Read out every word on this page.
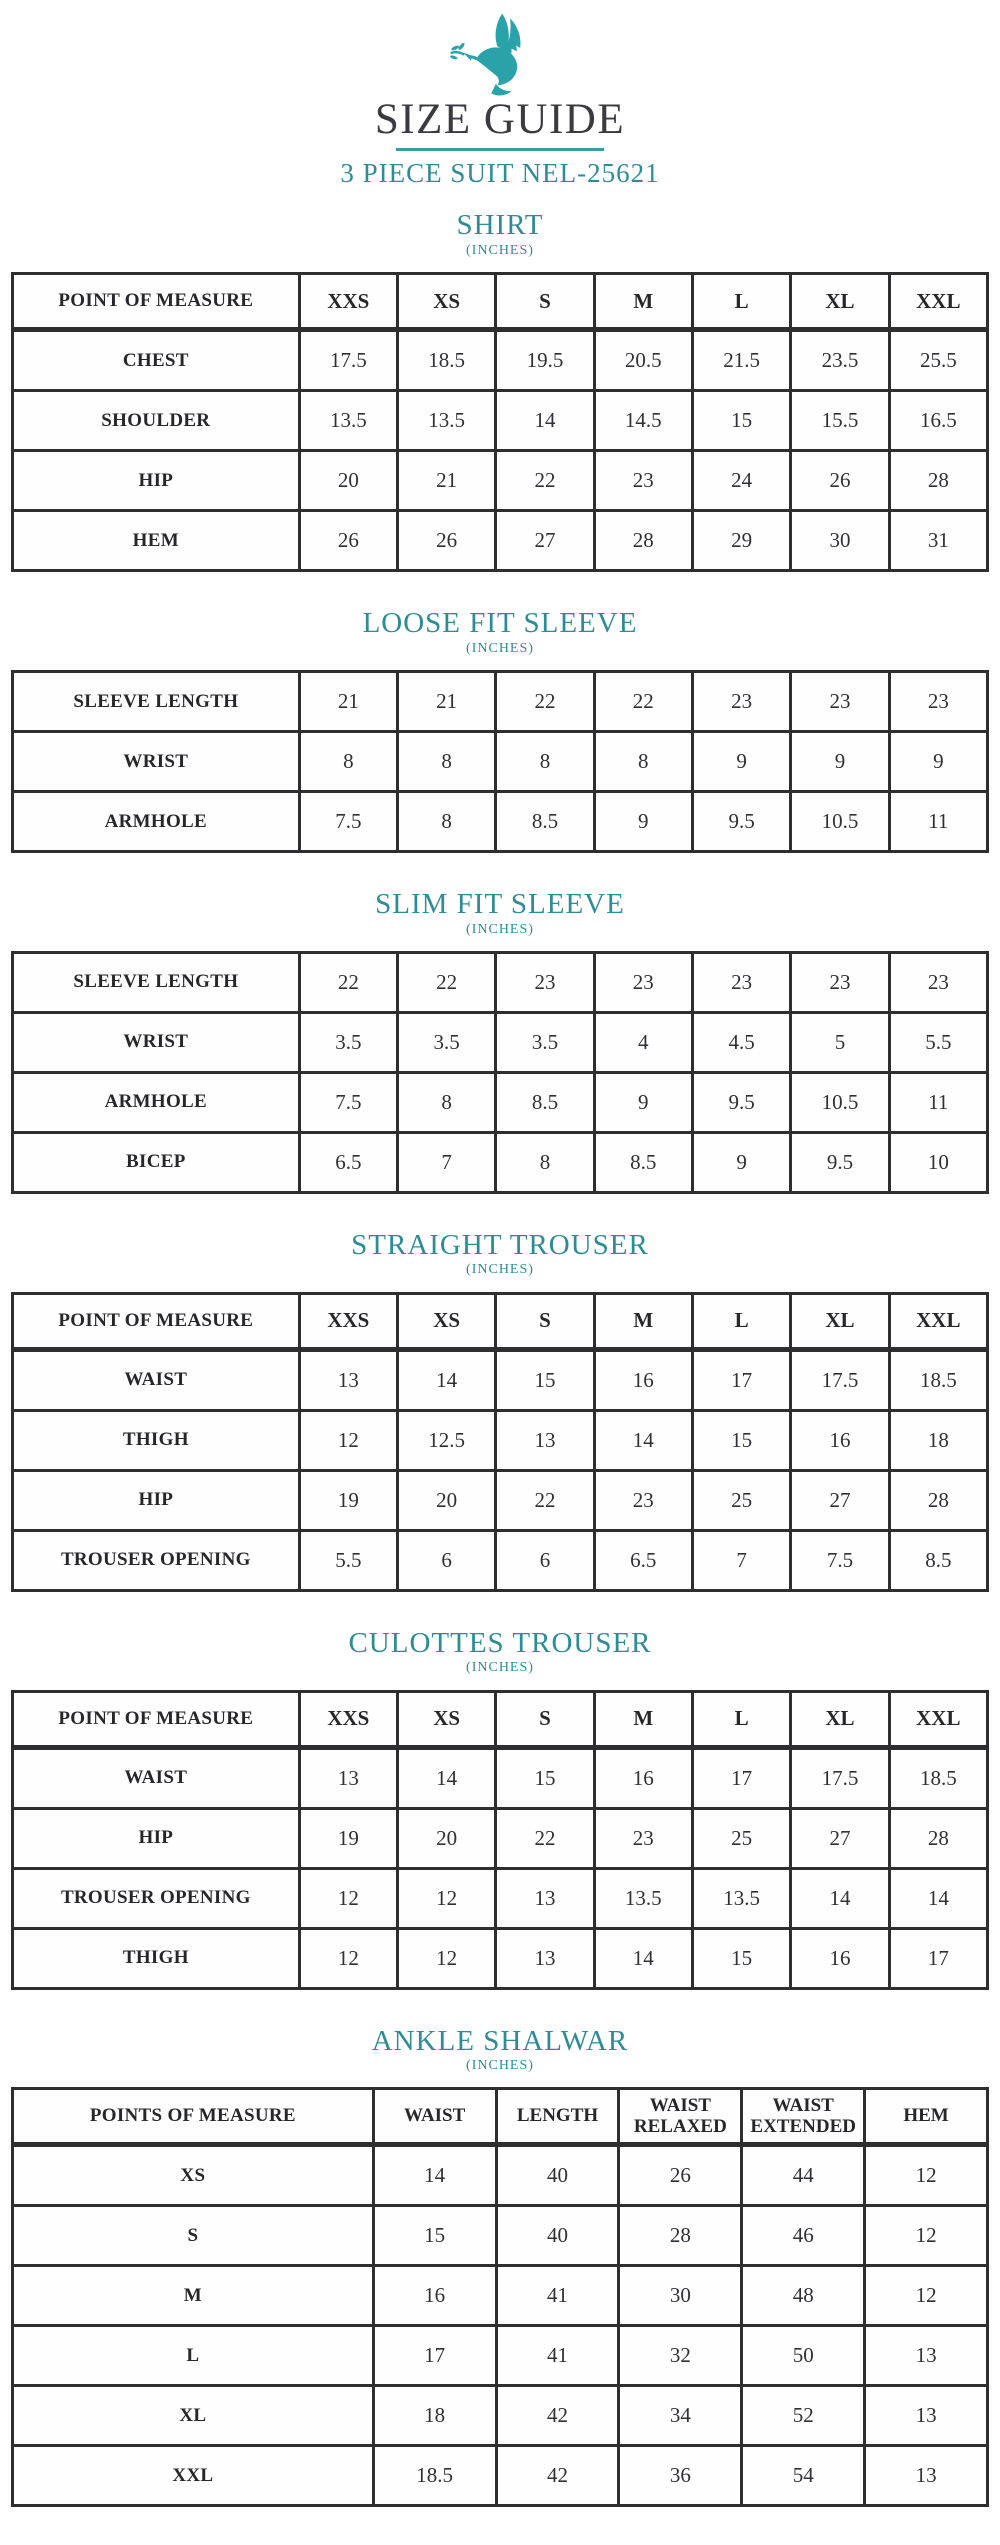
SIZE GUIDE
3 PIECE SUIT NEL-25621
SHIRT
(INCHES)
POINT OF MEASURE	XXS	XS	S	M	L	XL	XXL
CHEST	17.5	18.5	19.5	20.5	21.5	23.5	25.5
SHOULDER	13.5	13.5	14	14.5	15	15.5	16.5
HIP	20	21	22	23	24	26	28
HEM	26	26	27	28	29	30	31
LOOSE FIT SLEEVE
(INCHES)
SLEEVE LENGTH	21	21	22	22	23	23	23
WRIST	8	8	8	8	9	9	9
ARMHOLE	7.5	8	8.5	9	9.5	10.5	11
SLIM FIT SLEEVE
(INCHES)
SLEEVE LENGTH	22	22	23	23	23	23	23
WRIST	3.5	3.5	3.5	4	4.5	5	5.5
ARMHOLE	7.5	8	8.5	9	9.5	10.5	11
BICEP	6.5	7	8	8.5	9	9.5	10
STRAIGHT TROUSER
(INCHES)
POINT OF MEASURE	XXS	XS	S	M	L	XL	XXL
WAIST	13	14	15	16	17	17.5	18.5
THIGH	12	12.5	13	14	15	16	18
HIP	19	20	22	23	25	27	28
TROUSER OPENING	5.5	6	6	6.5	7	7.5	8.5
CULOTTES TROUSER
(INCHES)
POINT OF MEASURE	XXS	XS	S	M	L	XL	XXL
WAIST	13	14	15	16	17	17.5	18.5
HIP	19	20	22	23	25	27	28
TROUSER OPENING	12	12	13	13.5	13.5	14	14
THIGH	12	12	13	14	15	16	17
ANKLE SHALWAR
(INCHES)
POINTS OF MEASURE	WAIST	LENGTH	WAIST RELAXED	WAIST EXTENDED	HEM
XS	14	40	26	44	12
S	15	40	28	46	12
M	16	41	30	48	12
L	17	41	32	50	13
XL	18	42	34	52	13
XXL	18.5	42	36	54	13
